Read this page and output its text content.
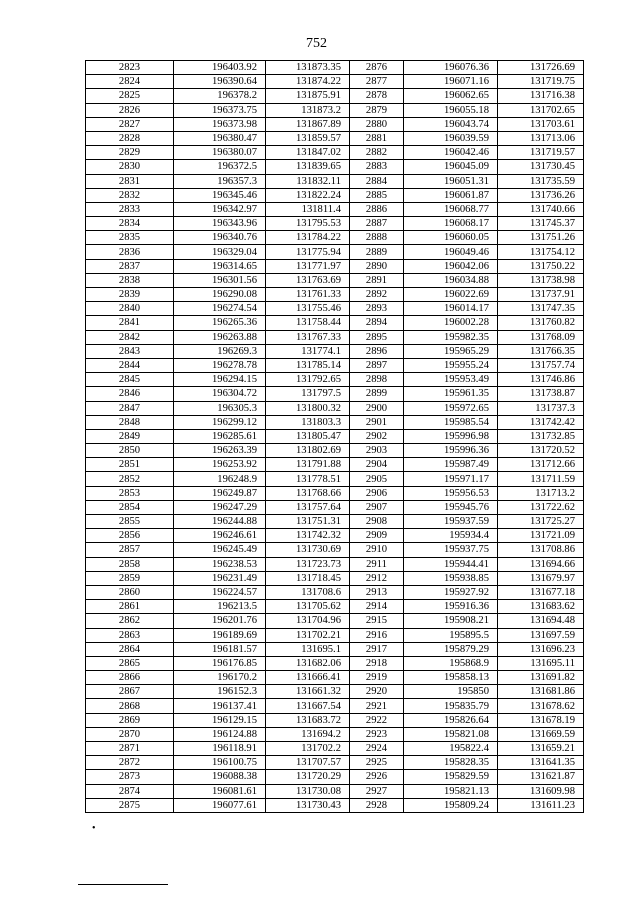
752
2823	196403.92	131873.35	2876	196076.36	131726.69
2824	196390.64	131874.22	2877	196071.16	131719.75
2825	196378.2	131875.91	2878	196062.65	131716.38
2826	196373.75	131873.2	2879	196055.18	131702.65
2827	196373.98	131867.89	2880	196043.74	131703.61
2828	196380.47	131859.57	2881	196039.59	131713.06
2829	196380.07	131847.02	2882	196042.46	131719.57
2830	196372.5	131839.65	2883	196045.09	131730.45
2831	196357.3	131832.11	2884	196051.31	131735.59
2832	196345.46	131822.24	2885	196061.87	131736.26
2833	196342.97	131811.4	2886	196068.77	131740.66
2834	196343.96	131795.53	2887	196068.17	131745.37
2835	196340.76	131784.22	2888	196060.05	131751.26
2836	196329.04	131775.94	2889	196049.46	131754.12
2837	196314.65	131771.97	2890	196042.06	131750.22
2838	196301.56	131763.69	2891	196034.88	131738.98
2839	196290.08	131761.33	2892	196022.69	131737.91
2840	196274.54	131755.46	2893	196014.17	131747.35
2841	196265.36	131758.44	2894	196002.28	131760.82
2842	196263.88	131767.33	2895	195982.35	131768.09
2843	196269.3	131774.1	2896	195965.29	131766.35
2844	196278.78	131785.14	2897	195955.24	131757.74
2845	196294.15	131792.65	2898	195953.49	131746.86
2846	196304.72	131797.5	2899	195961.35	131738.87
2847	196305.3	131800.32	2900	195972.65	131737.3
2848	196299.12	131803.3	2901	195985.54	131742.42
2849	196285.61	131805.47	2902	195996.98	131732.85
2850	196263.39	131802.69	2903	195996.36	131720.52
2851	196253.92	131791.88	2904	195987.49	131712.66
2852	196248.9	131778.51	2905	195971.17	131711.59
2853	196249.87	131768.66	2906	195956.53	131713.2
2854	196247.29	131757.64	2907	195945.76	131722.62
2855	196244.88	131751.31	2908	195937.59	131725.27
2856	196246.61	131742.32	2909	195934.4	131721.09
2857	196245.49	131730.69	2910	195937.75	131708.86
2858	196238.53	131723.73	2911	195944.41	131694.66
2859	196231.49	131718.45	2912	195938.85	131679.97
2860	196224.57	131708.6	2913	195927.92	131677.18
2861	196213.5	131705.62	2914	195916.36	131683.62
2862	196201.76	131704.96	2915	195908.21	131694.48
2863	196189.69	131702.21	2916	195895.5	131697.59
2864	196181.57	131695.1	2917	195879.29	131696.23
2865	196176.85	131682.06	2918	195868.9	131695.11
2866	196170.2	131666.41	2919	195858.13	131691.82
2867	196152.3	131661.32	2920	195850	131681.86
2868	196137.41	131667.54	2921	195835.79	131678.62
2869	196129.15	131683.72	2922	195826.64	131678.19
2870	196124.88	131694.2	2923	195821.08	131669.59
2871	196118.91	131702.2	2924	195822.4	131659.21
2872	196100.75	131707.57	2925	195828.35	131641.35
2873	196088.38	131720.29	2926	195829.59	131621.87
2874	196081.61	131730.08	2927	195821.13	131609.98
2875	196077.61	131730.43	2928	195809.24	131611.23
•
